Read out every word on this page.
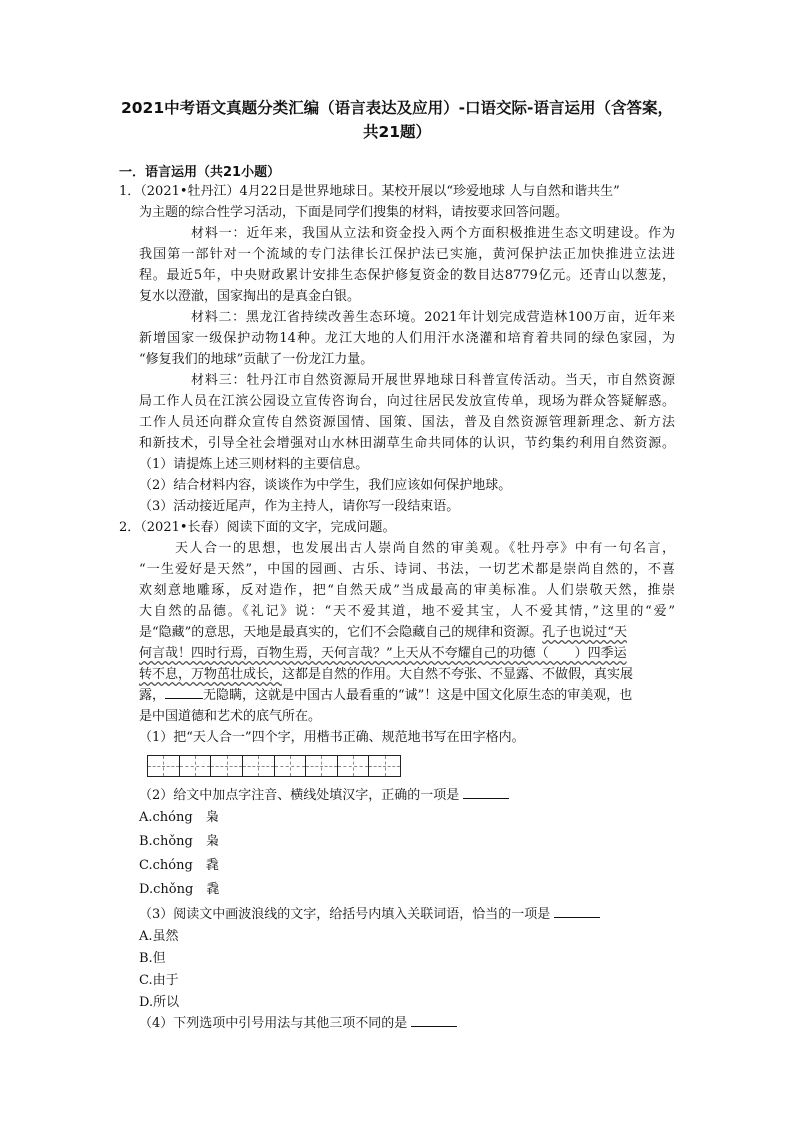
2021中考语文真题分类汇编（语言表达及应用）-口语交际-语言运用（含答案，
共21题）
一．语言运用（共21小题）
1．（2021•牡丹江）4月22日是世界地球日。某校开展以“珍爱地球 人与自然和谐共生”
为主题的综合性学习活动，下面是同学们搜集的材料，请按要求回答问题。
材料一：近年来，我国从立法和资金投入两个方面积极推进生态文明建设。作为
我国第一部针对一个流域的专门法律长江保护法已实施，黄河保护法正加快推进立法进
程。最近5年，中央财政累计安排生态保护修复资金的数目达8779亿元。还青山以葱茏，
复水以澄澈，国家掏出的是真金白银。
材料二：黑龙江省持续改善生态环境。2021年计划完成营造林100万亩，近年来
新增国家一级保护动物14种。龙江大地的人们用汗水浇灌和培育着共同的绿色家园，为
“修复我们的地球”贡献了一份龙江力量。
材料三：牡丹江市自然资源局开展世界地球日科普宣传活动。当天，市自然资源
局工作人员在江滨公园设立宣传咨询台，向过往居民发放宣传单，现场为群众答疑解惑。
工作人员还向群众宣传自然资源国情、国策、国法，普及自然资源管理新理念、新方法
和新技术，引导全社会增强对山水林田湖草生命共同体的认识，节约集约利用自然资源。
（1）请提炼上述三则材料的主要信息。
（2）结合材料内容，谈谈作为中学生，我们应该如何保护地球。
（3）活动接近尾声，作为主持人，请你写一段结束语。
2．（2021•长春）阅读下面的文字，完成问题。
天人合一的思想，也发展出古人崇尚自然的审美观。《牡丹亭》中有一句名言，
“一生爱好是天然”，中国的园画、古乐、诗词、书法，一切艺术都是崇尚自然的，不喜
欢刻意地雕琢，反对造作，把“自然天成”当成最高的审美标准。人们崇敬天然，推崇
大自然的品德。《礼记》说：“天不爱其道，地不爱其宝，人不爱其情，”这里的“爱”
是“隐藏”的意思，天地是最真实的，它们不会隐藏自己的规律和资源。孔子也说过“天
何言哉！四时行焉，百物生焉，天何言哉？”上天从不夸耀自己的功德（　　）四季运
转不息，万物茁壮成长，这都是自然的作用。大自然不夸张、不显露、不做假，真实展
露，	无隐瞒，这就是中国古人最看重的“诚”！这是中国文化原生态的审美观，也
是中国道德和艺术的底气所在。
（1）把“天人合一”四个字，用楷书正确、规范地书写在田字格内。
（2）给文中加点字注音、横线处填汉字，正确的一项是
A.chóng　枭
B.chǒng　枭
C.chóng　毳
D.chǒng　毳
（3）阅读文中画波浪线的文字，给括号内填入关联词语，恰当的一项是
A.虽然
B.但
C.由于
D.所以
（4）下列选项中引号用法与其他三项不同的是
